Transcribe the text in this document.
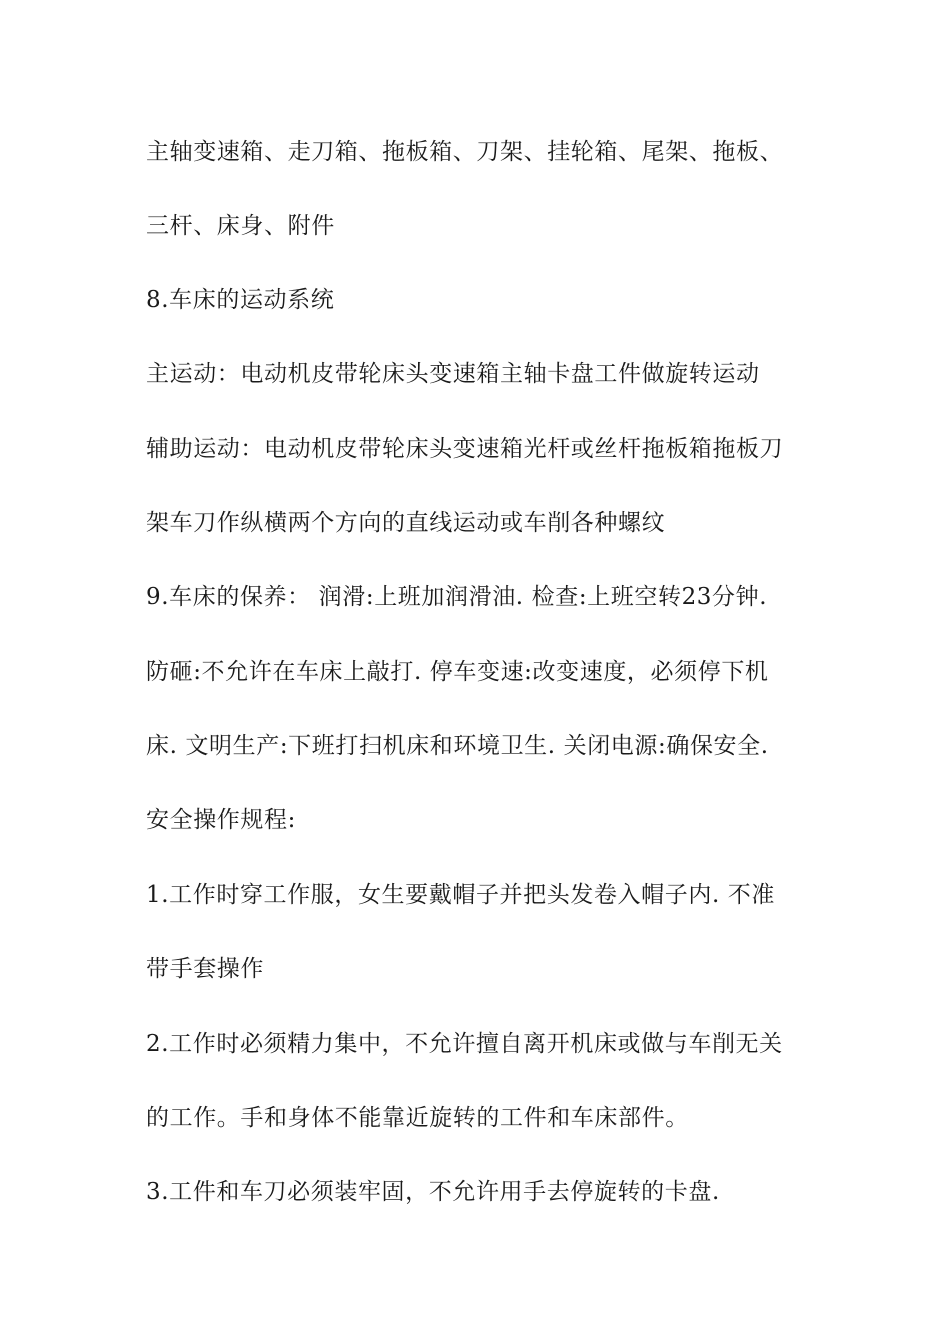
主轴变速箱、走刀箱、拖板箱、刀架、挂轮箱、尾架、拖板、
三杆、床身、附件
8.车床的运动系统
主运动：电动机皮带轮床头变速箱主轴卡盘工件做旋转运动
辅助运动：电动机皮带轮床头变速箱光杆或丝杆拖板箱拖板刀
架车刀作纵横两个方向的直线运动或车削各种螺纹
9.车床的保养： 润滑:上班加润滑油. 检查:上班空转23分钟.
防砸:不允许在车床上敲打. 停车变速:改变速度，必须停下机
床. 文明生产:下班打扫机床和环境卫生. 关闭电源:确保安全.
安全操作规程:
1.工作时穿工作服，女生要戴帽子并把头发卷入帽子内. 不准
带手套操作
2.工作时必须精力集中，不允许擅自离开机床或做与车削无关
的工作。手和身体不能靠近旋转的工件和车床部件。
3.工件和车刀必须装牢固，不允许用手去停旋转的卡盘.
